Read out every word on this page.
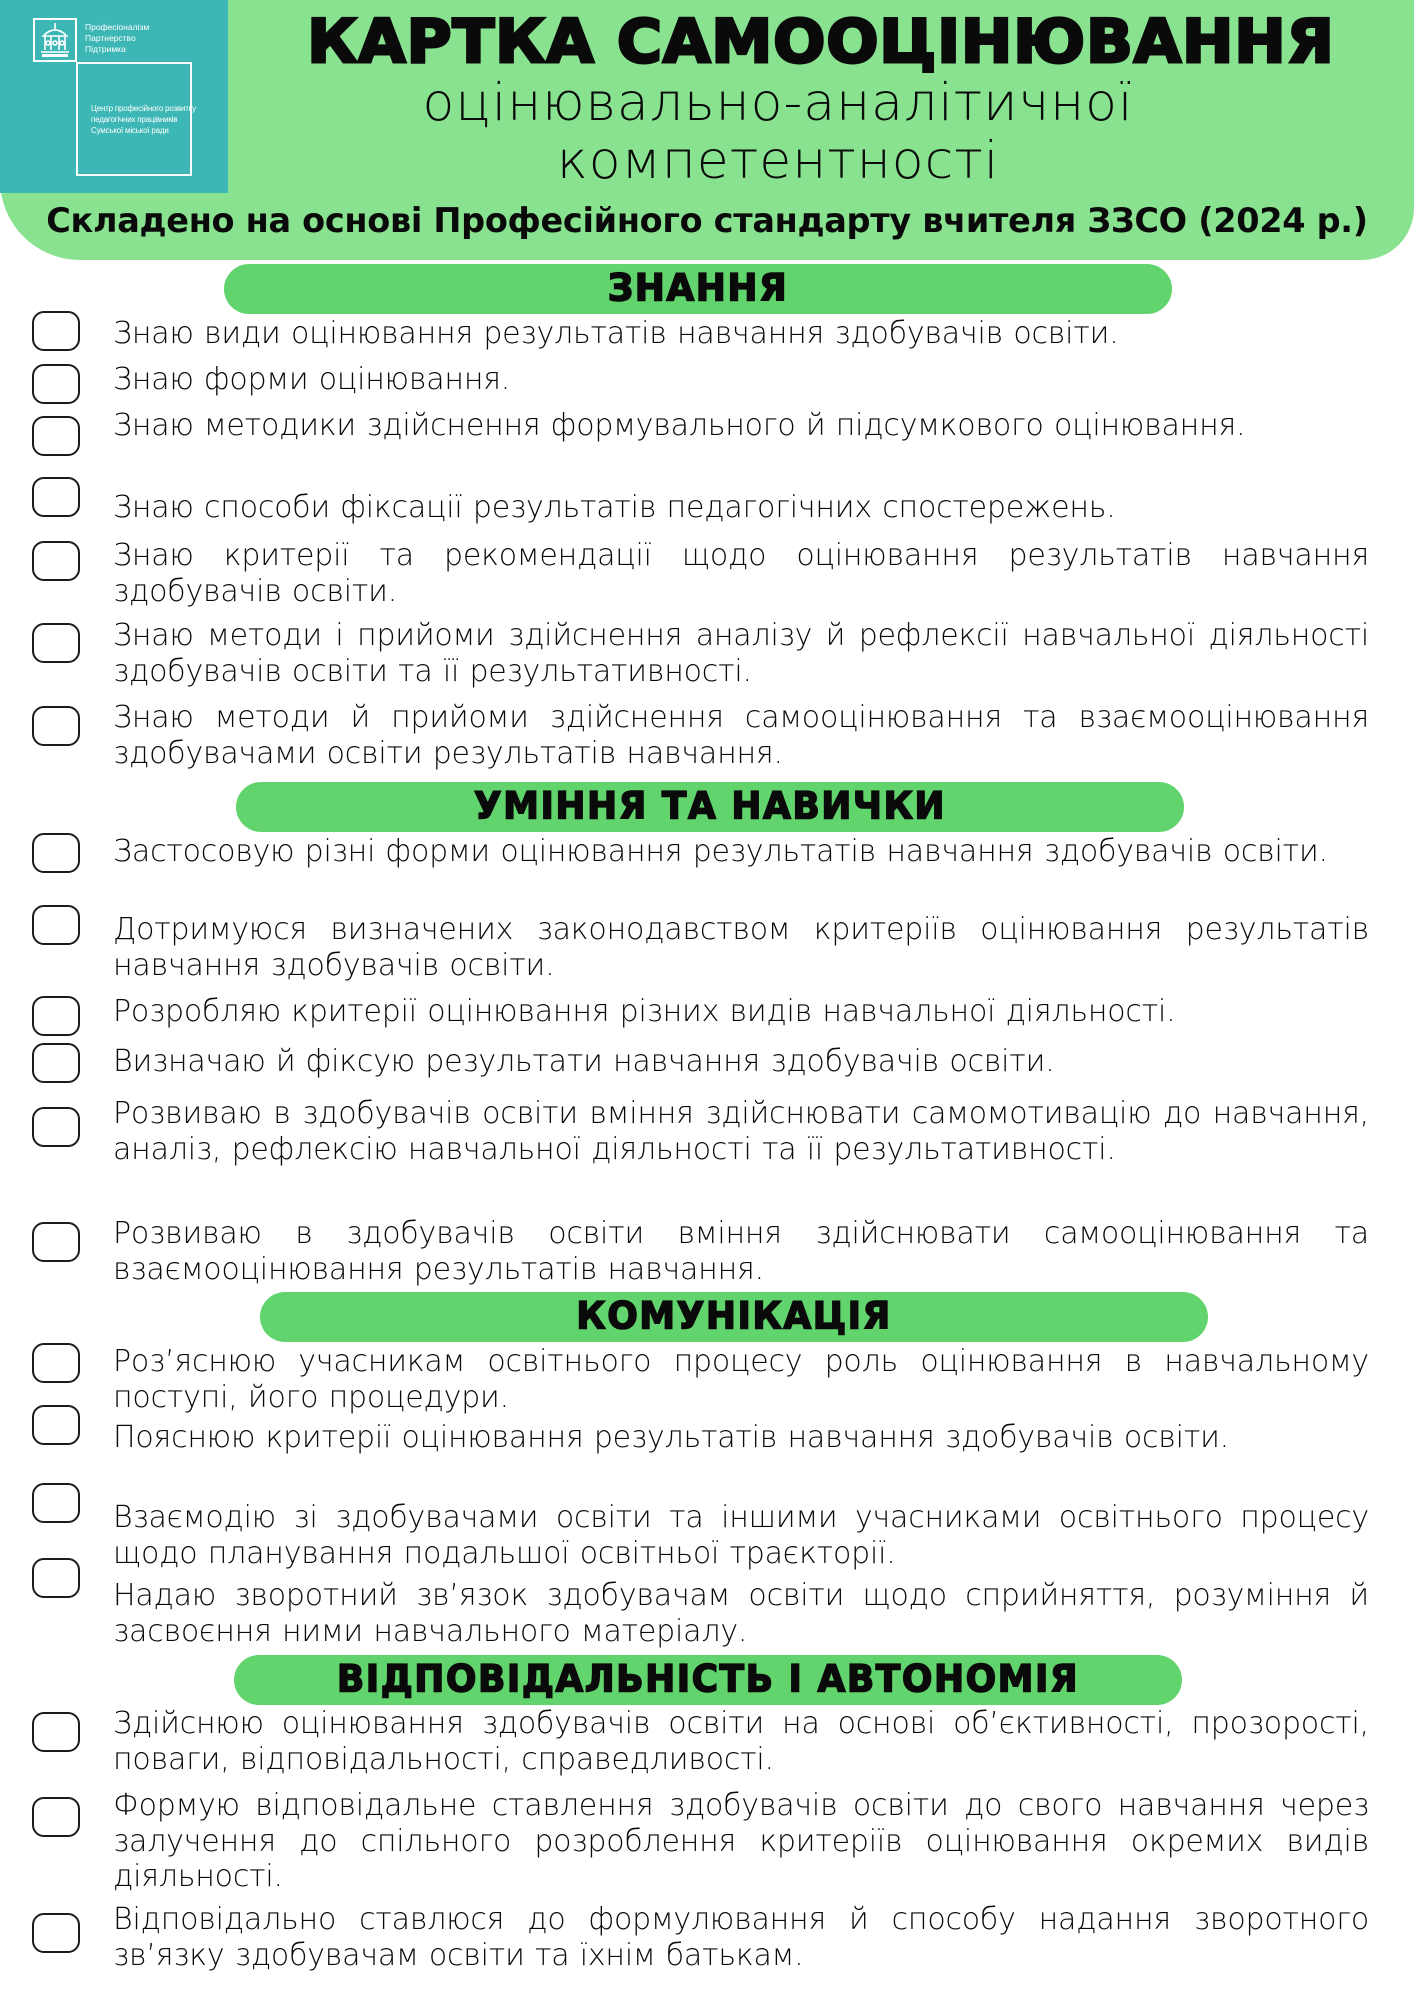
Професіоналізм
Партнерство
Підтримка
Центр професійного розвитку
педагогічних працівників
Сумської міської ради
КАРТКА САМООЦІНЮВАННЯ
оцінювально-аналітичної
компетентності
Складено на основі Професійного стандарту вчителя ЗЗСО (2024 р.)
ЗНАННЯ
Знаю види оцінювання результатів навчання здобувачів освіти.
Знаю форми оцінювання.
Знаю методики здійснення формувального й підсумкового оцінювання.
Знаю способи фіксації результатів педагогічних спостережень.
Знаю критерії та рекомендації щодо оцінювання результатів навчання здобувачів освіти.
Знаю методи і прийоми здійснення аналізу й рефлексії навчальної діяльності здобувачів освіти та її результативності.
Знаю методи й прийоми здійснення самооцінювання та взаємооцінювання здобувачами освіти результатів навчання.
УМІННЯ ТА НАВИЧКИ
Застосовую різні форми оцінювання результатів навчання здобувачів освіти.
Дотримуюся визначених законодавством критеріїв оцінювання результатів навчання здобувачів освіти.
Розробляю критерії оцінювання різних видів навчальної діяльності.
Визначаю й фіксую результати навчання здобувачів освіти.
Розвиваю в здобувачів освіти вміння здійснювати самомотивацію до навчання, аналіз, рефлексію навчальної діяльності та її результативності.
Розвиваю в здобувачів освіти вміння здійснювати самооцінювання та взаємооцінювання результатів навчання.
КОМУНІКАЦІЯ
Роз’яснюю учасникам освітнього процесу роль оцінювання в навчальному поступі, його процедури.
Пояснюю критерії оцінювання результатів навчання здобувачів освіти.
Взаємодію зі здобувачами освіти та іншими учасниками освітнього процесу щодо планування подальшої освітньої траєкторії.
Надаю зворотний зв’язок здобувачам освіти щодо сприйняття, розуміння й засвоєння ними навчального матеріалу.
ВІДПОВІДАЛЬНІСТЬ І АВТОНОМІЯ
Здійснюю оцінювання здобувачів освіти на основі об’єктивності, прозорості, поваги, відповідальності, справедливості.
Формую відповідальне ставлення здобувачів освіти до свого навчання через залучення до спільного розроблення критеріїв оцінювання окремих видів діяльності.
Відповідально ставлюся до формулювання й способу надання зворотного зв’язку здобувачам освіти та їхнім батькам.
